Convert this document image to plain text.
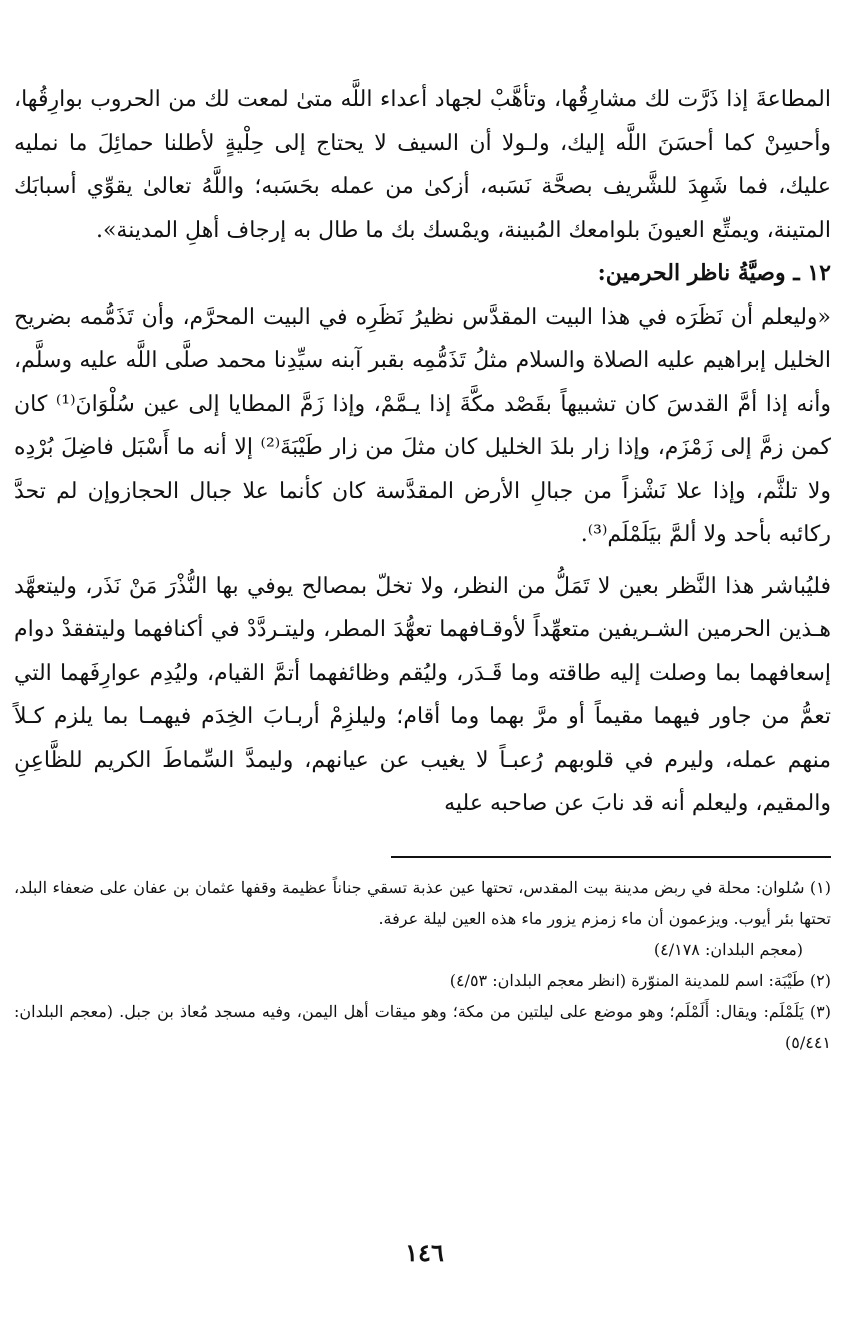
المطاعةَ إذا ذَرَّت لك مشارِقُها، وتأهَّبْ لجهاد أعداء اللَّه متىٰ لمعت لك من الحروب بوارِقُها، وأحسِنْ كما أحسَنَ اللَّه إليك، ولـولا أن السيف لا يحتاج إلى حِلْيةٍ لأطلنا حمائِلَ ما نمليه عليك، فما شَهِدَ للشَّريف بصحَّة نَسَبه، أزكىٰ من عمله بحَسَبه؛ واللَّهُ تعالىٰ يقوِّي أسبابَك المتينة، ويمتِّع العيونَ بلوامعك المُبينة، ويمْسك بك ما طال به إرجاف أهلِ المدينة».

١٢ ـ وصيَّةُ ناظر الحرمين:

«وليعلم أن نَظَرَه في هذا البيت المقدَّس نظيرُ نَظَرِه في البيت المحرَّم، وأن تَذَمُّمه بضريح الخليل إبراهيم عليه الصلاة والسلام مثلُ تَذَمُّمِه بقبر آبنه سيِّدِنا محمد صلَّى اللَّه عليه وسلَّم، وأنه إذا أمَّ القدسَ كان تشبيهاً بقَصْد مكَّةَ إذا يـمَّمْ، وإذا زَمَّ المطايا إلى عين سُلْوَانَ⁽¹⁾ كان كمن زمَّ إلى زَمْزَم، وإذا زار بلدَ الخليل كان مثلَ من زار طَيْبَةَ⁽²⁾ إلا أنه ما أَسْبَل فاضِلَ بُرْدِه ولا تلثَّم، وإذا علا نَشْزاً من جبالِ الأرض المقدَّسة كان كأنما علا جبال الحجازوإن لم تحدَّ ركائبه بأحد ولا ألمَّ بيَلَمْلَم⁽³⁾.

فليُباشر هذا النَّظر بعين لا تَمَلُّ من النظر، ولا تخلّ بمصالح يوفي بها النُّذْرَ مَنْ نَذَر، وليتعهَّد هـذين الحرمين الشـريفين متعهِّداً لأوقـافهما تعهُّدَ المطر، وليتـردَّدْ في أكنافهما وليتفقدْ دوام إسعافهما بما وصلت إليه طاقته وما قَـدَر، وليُقم وظائفهما أتمَّ القيام، وليُدِم عوارِفَهما التي تعمُّ من جاور فيهما مقيماً أو مرَّ بهما وما أقام؛ وليلزِمْ أربـابَ الخِدَم فيهمـا بما يلزم كـلاً منهم عمله، وليرم في قلوبهم رُعبـاً لا يغيب عن عيانهم، وليمدَّ السِّماطَ الكريم للظَّاعِنِ والمقيم، وليعلم أنه قد نابَ عن صاحبه عليه

(١) سُلوان: محلة في ربض مدينة بيت المقدس، تحتها عين عذبة تسقي جناناً عظيمة وقفها عثمان بن عفان على ضعفاء البلد، تحتها بئر أيوب. ويزعمون أن ماء زمزم يزور ماء هذه العين ليلة عرفة.

(معجم البلدان: ٤/١٧٨)

(٢) طَيْبَة: اسم للمدينة المنوّرة (انظر معجم البلدان: ٤/٥٣)

(٣) يَلَمْلَم: ويقال: أَلَمْلَم؛ وهو موضع على ليلتين من مكة؛ وهو ميقات أهل اليمن، وفيه مسجد مُعاذ بن جبل. (معجم البلدان: ٥/٤٤١)

١٤٦
